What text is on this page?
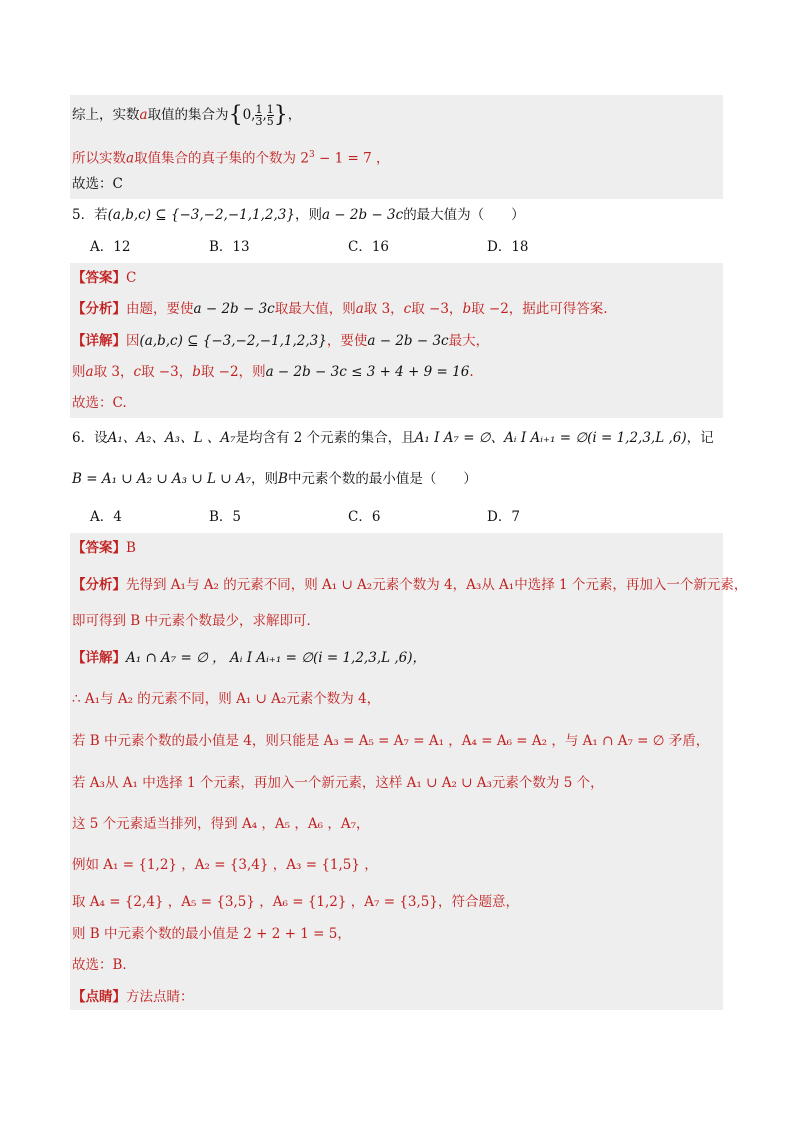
综上，实数a取值的集合为{0, $\frac{1}{3}$ , $\frac{1}{5}$ }，
所以实数a取值集合的真子集的个数为 $2^3 - 1 = 7$ ，
故选：C
5．若(a,b,c) ⊆ {−3,−2,−1,1,2,3}，则a − 2b − 3c的最大值为（　　）
A．12	B．13	C．16	D．18
【答案】C
【分析】由题，要使a − 2b − 3c取最大值，则a取 3，c取 −3，b取 −2，据此可得答案.
【详解】因(a,b,c) ⊆ {−3,−2,−1,1,2,3}，要使a − 2b − 3c最大，
则a取 3，c取 −3，b取 −2，则a − 2b − 3c ≤ 3 + 4 + 9 = 16.
故选：C.
6．设A₁、A₂、A₃、L 、A₇是均含有 2 个元素的集合，且A₁ I A₇ = ∅、Aᵢ I Aᵢ₊₁ = ∅(i = 1,2,3,L ,6)，记
B = A₁ ∪ A₂ ∪ A₃ ∪ L ∪ A₇，则B中元素个数的最小值是（　　）
A．4	B．5	C．6	D．7
【答案】B
【分析】先得到 A₁与 A₂ 的元素不同，则 A₁ ∪ A₂元素个数为 4，A₃从 A₁中选择 1 个元素，再加入一个新元素，
即可得到 B 中元素个数最少，求解即可．
【详解】A₁ ∩ A₇ = ∅ ， Aᵢ I Aᵢ₊₁ = ∅(i = 1,2,3,L ,6)，
∴ A₁与 A₂ 的元素不同，则 A₁ ∪ A₂元素个数为 4，
若 B 中元素个数的最小值是 4，则只能是 A₃ = A₅ = A₇ = A₁ ，A₄ = A₆ = A₂ ，与 A₁ ∩ A₇ = ∅ 矛盾，
若 A₃从 A₁ 中选择 1 个元素，再加入一个新元素，这样 A₁ ∪ A₂ ∪ A₃元素个数为 5 个，
这 5 个元素适当排列，得到 A₄ ，A₅ ，A₆ ，A₇，
例如 A₁ = {1,2} ，A₂ = {3,4} ，A₃ = {1,5} ，
取 A₄ = {2,4} ，A₅ = {3,5} ，A₆ = {1,2} ，A₇ = {3,5}，符合题意，
则 B 中元素个数的最小值是 2 + 2 + 1 = 5，
故选：B．
【点睛】方法点睛：
